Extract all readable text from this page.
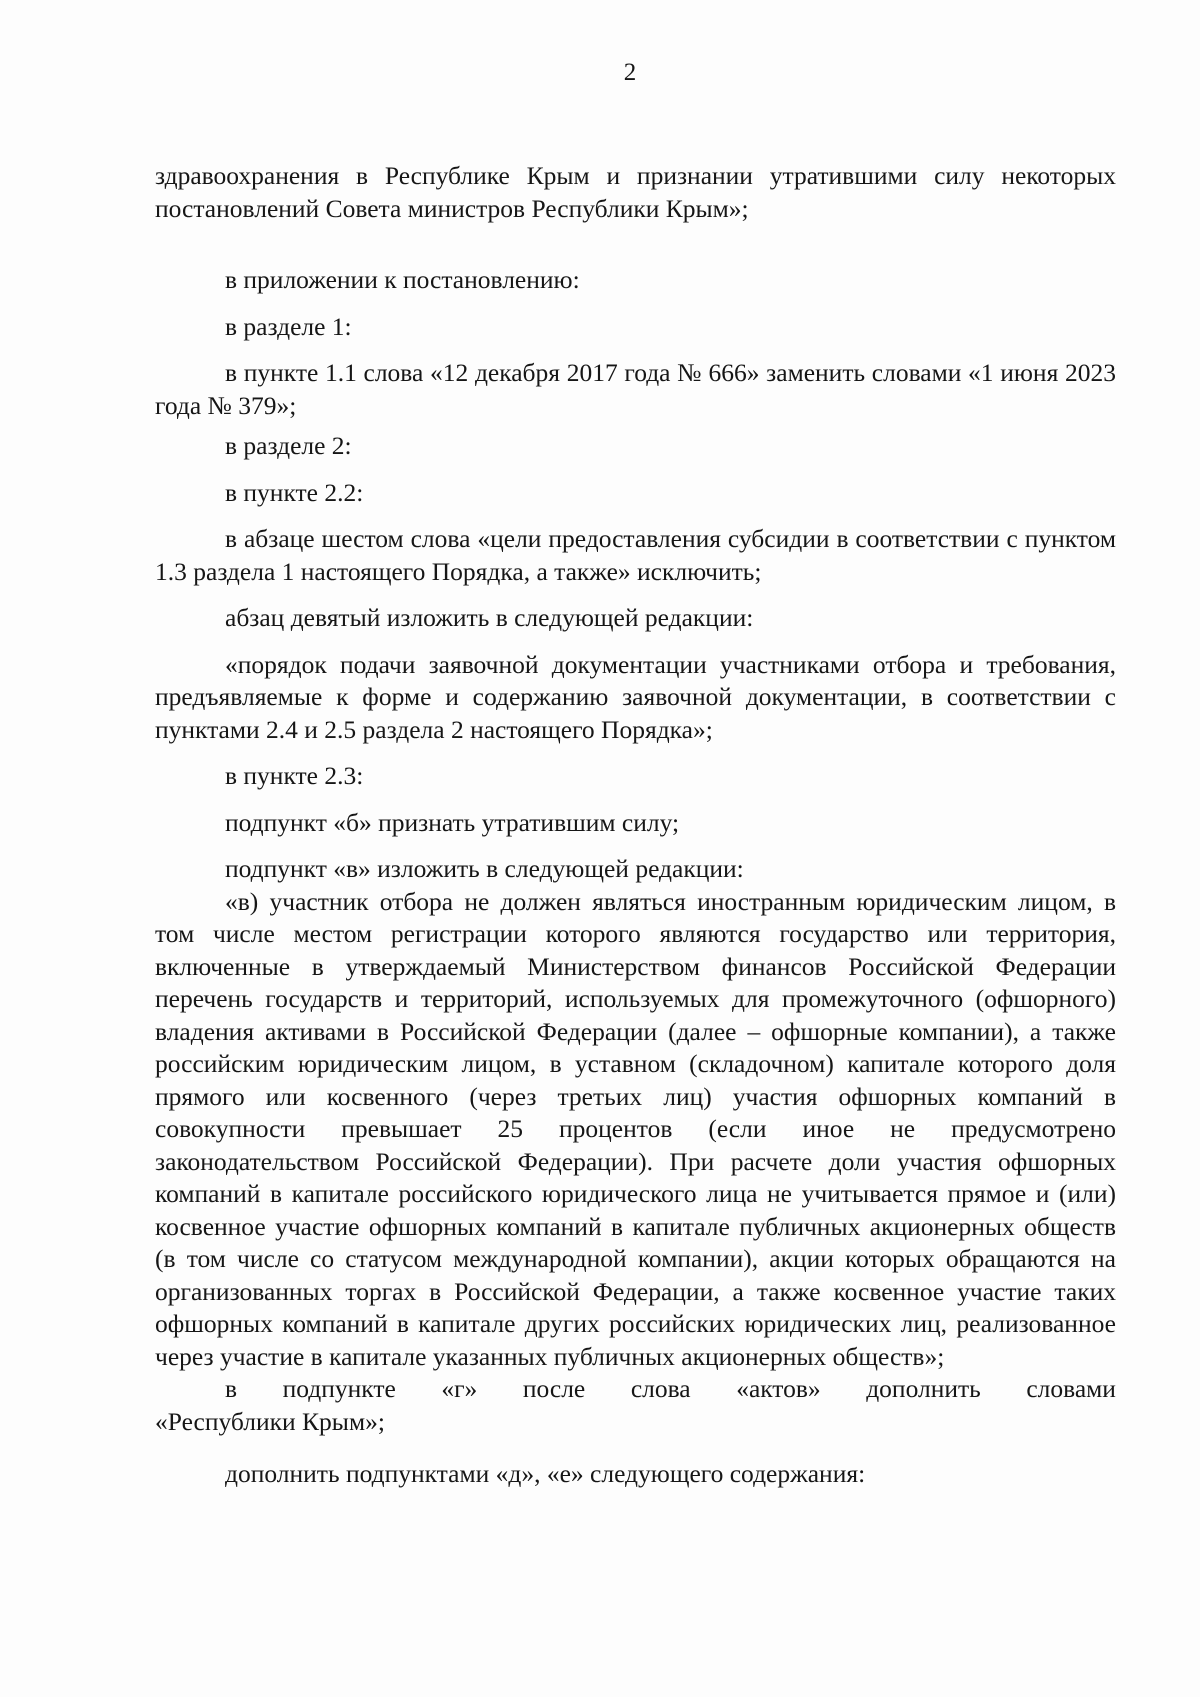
2

здравоохранения в Республике Крым и признании утратившими силу некоторых постановлений Совета министров Республики Крым»;

в приложении к постановлению:

в разделе 1:

в пункте 1.1 слова «12 декабря 2017 года № 666» заменить словами «1 июня 2023 года № 379»;

в разделе 2:

в пункте 2.2:

в абзаце шестом слова «цели предоставления субсидии в соответствии с пунктом 1.3 раздела 1 настоящего Порядка, а также» исключить;

абзац девятый изложить в следующей редакции:

«порядок подачи заявочной документации участниками отбора и требования, предъявляемые к форме и содержанию заявочной документации, в соответствии с пунктами 2.4 и 2.5 раздела 2 настоящего Порядка»;

в пункте 2.3:

подпункт «б» признать утратившим силу;

подпункт «в» изложить в следующей редакции:

«в) участник отбора не должен являться иностранным юридическим лицом, в том числе местом регистрации которого являются государство или территория, включенные в утверждаемый Министерством финансов Российской Федерации перечень государств и территорий, используемых для промежуточного (офшорного) владения активами в Российской Федерации (далее – офшорные компании), а также российским юридическим лицом, в уставном (складочном) капитале которого доля прямого или косвенного (через третьих лиц) участия офшорных компаний в совокупности превышает 25 процентов (если иное не предусмотрено законодательством Российской Федерации). При расчете доли участия офшорных компаний в капитале российского юридического лица не учитывается прямое и (или) косвенное участие офшорных компаний в капитале публичных акционерных обществ (в том числе со статусом международной компании), акции которых обращаются на организованных торгах в Российской Федерации, а также косвенное участие таких офшорных компаний в капитале других российских юридических лиц, реализованное через участие в капитале указанных публичных акционерных обществ»;

в подпункте «г» после слова «актов» дополнить словами

«Республики Крым»;

дополнить подпунктами «д», «е» следующего содержания:
